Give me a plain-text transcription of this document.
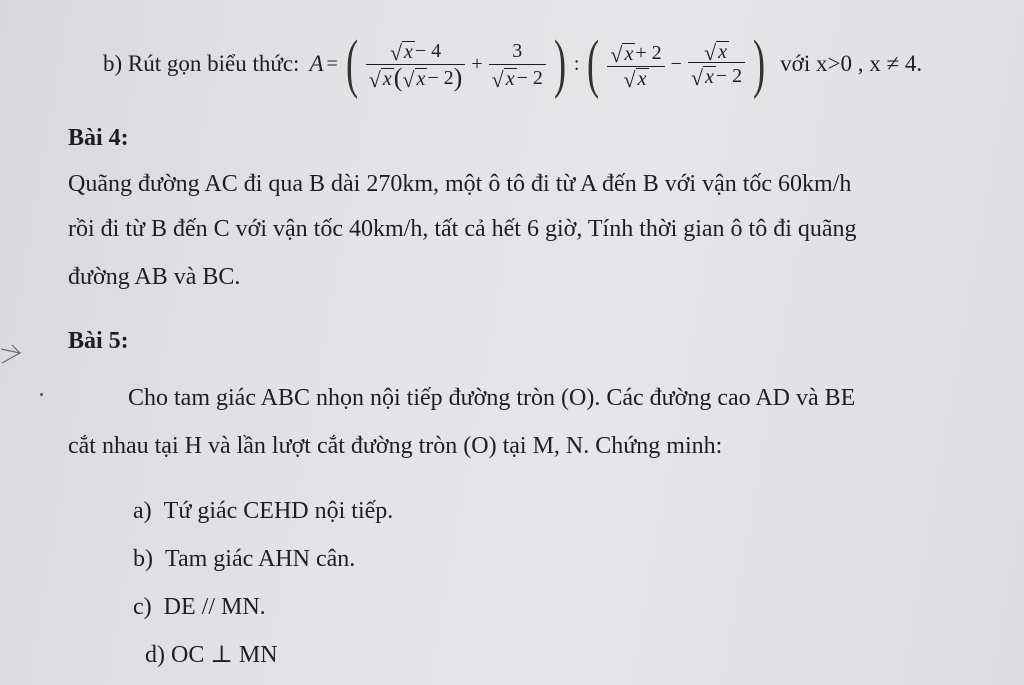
b) Rút gọn biểu thức: A = ( $\frac{√ x - 4}{√ x ( √ x - 2 )} + \frac{3}{√ x - 2}$ ) : ( $\frac{√ x + 2}{√ x} - \frac{√ x}{√ x - 2}$ ) với x>0 , x ≠ 4.
Bài 4:
Quãng đường AC đi qua B dài 270km, một ô tô đi từ A đến B với vận tốc 60km/h
rồi đi từ B đến C với vận tốc 40km/h, tất cả hết 6 giờ, Tính thời gian ô tô đi quãng
đường AB và BC.
Bài 5:
Cho tam giác ABC nhọn nội tiếp đường tròn (O). Các đường cao AD và BE
cắt nhau tại H và lần lượt cắt đường tròn (O) tại M, N. Chứng minh:
a) Tứ giác CEHD nội tiếp.
b) Tam giác AHN cân.
c) DE // MN.
d) OC ⊥ MN
